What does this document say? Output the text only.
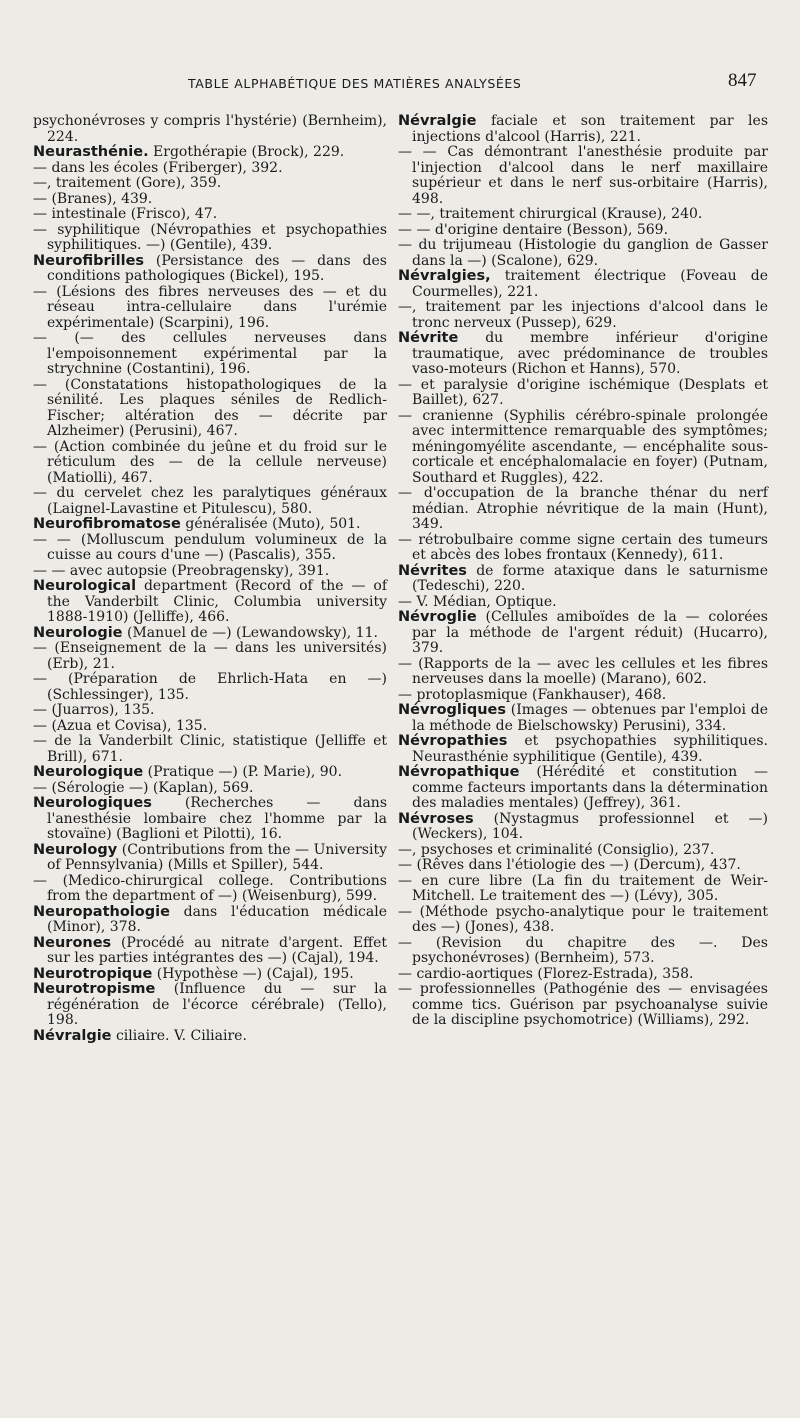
TABLE ALPHABÉTIQUE DES MATIÈRES ANALYSÉES	847

psychonévroses y compris l'hystérie) (Bernheim), 224.

Neurasthénie. Ergothérapie (Brock), 229.

— dans les écoles (Friberger), 392.

—, traitement (Gore), 359.

— (Branes), 439.

— intestinale (Frisco), 47.

— syphilitique (Névropathies et psychopathies syphilitiques. —) (Gentile), 439.

Neurofibrilles (Persistance des — dans des conditions pathologiques (Bickel), 195.

— (Lésions des fibres nerveuses des — et du réseau intra-cellulaire dans l'urémie expérimentale) (Scarpini), 196.

— (— des cellules nerveuses dans l'empoisonnement expérimental par la strychnine (Costantini), 196.

— (Constatations histopathologiques de la sénilité. Les plaques séniles de Redlich-Fischer; altération des — décrite par Alzheimer) (Perusini), 467.

— (Action combinée du jeûne et du froid sur le réticulum des — de la cellule nerveuse) (Matiolli), 467.

— du cervelet chez les paralytiques généraux (Laignel-Lavastine et Pitulescu), 580.

Neurofibromatose généralisée (Muto), 501.

— — (Molluscum pendulum volumineux de la cuisse au cours d'une —) (Pascalis), 355.

— — avec autopsie (Preobragensky), 391.

Neurological department (Record of the — of the Vanderbilt Clinic, Columbia university 1888-1910) (Jelliffe), 466.

Neurologie (Manuel de —) (Lewandowsky), 11.

— (Enseignement de la — dans les universités) (Erb), 21.

— (Préparation de Ehrlich-Hata en —) (Schlessinger), 135.

— (Juarros), 135.

— (Azua et Covisa), 135.

— de la Vanderbilt Clinic, statistique (Jelliffe et Brill), 671.

Neurologique (Pratique —) (P. Marie), 90.

— (Sérologie —) (Kaplan), 569.

Neurologiques (Recherches — dans l'anesthésie lombaire chez l'homme par la stovaïne) (Baglioni et Pilotti), 16.

Neurology (Contributions from the — University of Pennsylvania) (Mills et Spiller), 544.

— (Medico-chirurgical college. Contributions from the department of —) (Weisenburg), 599.

Neuropathologie dans l'éducation médicale (Minor), 378.

Neurones (Procédé au nitrate d'argent. Effet sur les parties intégrantes des —) (Cajal), 194.

Neurotropique (Hypothèse —) (Cajal), 195.

Neurotropisme (Influence du — sur la régénération de l'écorce cérébrale) (Tello), 198.

Névralgie ciliaire. V. Ciliaire.

Névralgie faciale et son traitement par les injections d'alcool (Harris), 221.

— — Cas démontrant l'anesthésie produite par l'injection d'alcool dans le nerf maxillaire supérieur et dans le nerf sus-orbitaire (Harris), 498.

— —, traitement chirurgical (Krause), 240.

— — d'origine dentaire (Besson), 569.

— du trijumeau (Histologie du ganglion de Gasser dans la —) (Scalone), 629.

Névralgies, traitement électrique (Foveau de Courmelles), 221.

—, traitement par les injections d'alcool dans le tronc nerveux (Pussep), 629.

Névrite du membre inférieur d'origine traumatique, avec prédominance de troubles vaso-moteurs (Richon et Hanns), 570.

— et paralysie d'origine ischémique (Desplats et Baillet), 627.

— cranienne (Syphilis cérébro-spinale prolongée avec intermittence remarquable des symptômes; méningomyélite ascendante, — encéphalite sous-corticale et encéphalomalacie en foyer) (Putnam, Southard et Ruggles), 422.

— d'occupation de la branche thénar du nerf médian. Atrophie névritique de la main (Hunt), 349.

— rétrobulbaire comme signe certain des tumeurs et abcès des lobes frontaux (Kennedy), 611.

Névrites de forme ataxique dans le saturnisme (Tedeschi), 220.

— V. Médian, Optique.

Névroglie (Cellules amiboïdes de la — colorées par la méthode de l'argent réduit) (Hucarro), 379.

— (Rapports de la — avec les cellules et les fibres nerveuses dans la moelle) (Marano), 602.

— protoplasmique (Fankhauser), 468.

Névrogliques (Images — obtenues par l'emploi de la méthode de Bielschowsky) Perusini), 334.

Névropathies et psychopathies syphilitiques. Neurasthénie syphilitique (Gentile), 439.

Névropathique (Hérédité et constitution — comme facteurs importants dans la détermination des maladies mentales) (Jeffrey), 361.

Névroses (Nystagmus professionnel et —) (Weckers), 104.

—, psychoses et criminalité (Consiglio), 237.

— (Rêves dans l'étiologie des —) (Dercum), 437.

— en cure libre (La fin du traitement de Weir-Mitchell. Le traitement des —) (Lévy), 305.

— (Méthode psycho-analytique pour le traitement des —) (Jones), 438.

— (Revision du chapitre des —. Des psychonévroses) (Bernheim), 573.

— cardio-aortiques (Florez-Estrada), 358.

— professionnelles (Pathogénie des — envisagées comme tics. Guérison par psychoanalyse suivie de la discipline psychomotrice) (Williams), 292.
